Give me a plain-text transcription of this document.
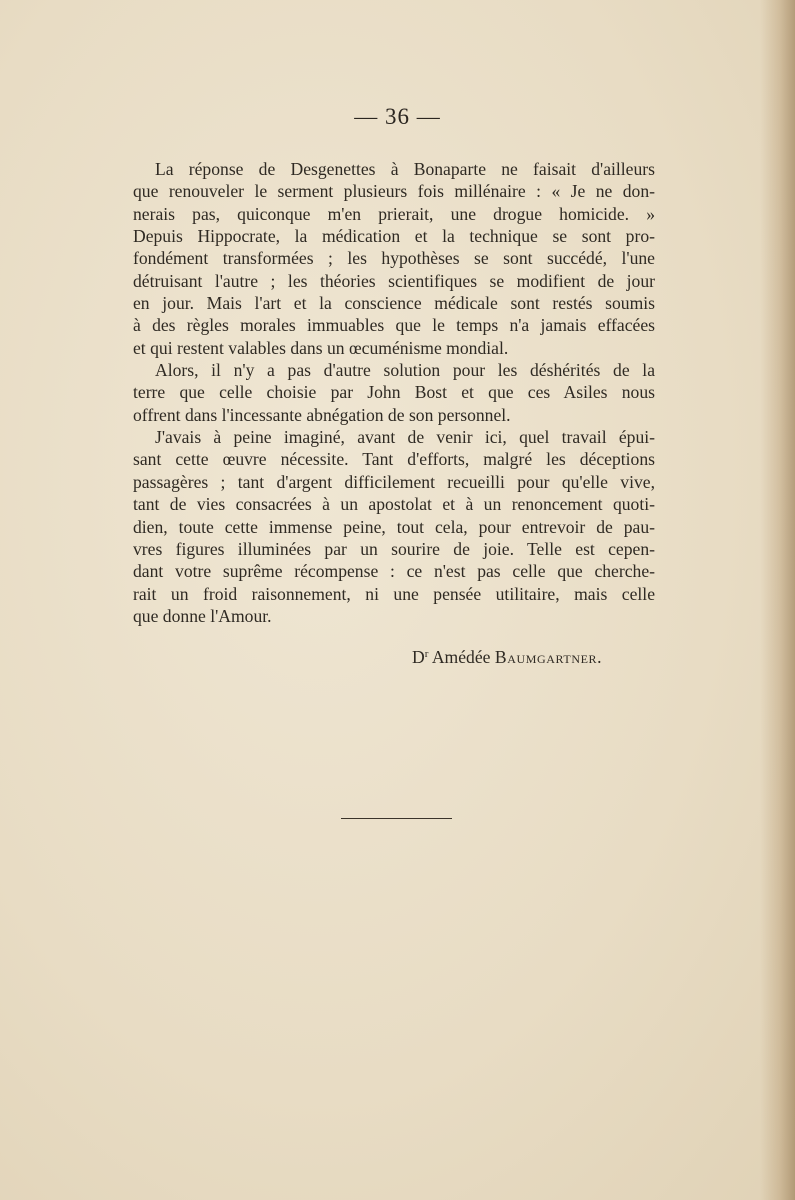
— 36 —

La réponse de Desgenettes à Bonaparte ne faisait d'ailleurs
que renouveler le serment plusieurs fois millénaire : « Je ne don-
nerais pas, quiconque m'en prierait, une drogue homicide. »
Depuis Hippocrate, la médication et la technique se sont pro-
fondément transformées ; les hypothèses se sont succédé, l'une
détruisant l'autre ; les théories scientifiques se modifient de jour
en jour. Mais l'art et la conscience médicale sont restés soumis
à des règles morales immuables que le temps n'a jamais effacées
et qui restent valables dans un œcuménisme mondial.

Alors, il n'y a pas d'autre solution pour les déshérités de la
terre que celle choisie par John Bost et que ces Asiles nous
offrent dans l'incessante abnégation de son personnel.

J'avais à peine imaginé, avant de venir ici, quel travail épui-
sant cette œuvre nécessite. Tant d'efforts, malgré les déceptions
passagères ; tant d'argent difficilement recueilli pour qu'elle vive,
tant de vies consacrées à un apostolat et à un renoncement quoti-
dien, toute cette immense peine, tout cela, pour entrevoir de pau-
vres figures illuminées par un sourire de joie. Telle est cepen-
dant votre suprême récompense : ce n'est pas celle que cherche-
rait un froid raisonnement, ni une pensée utilitaire, mais celle
que donne l'Amour.

$D^r$ Amédée Baumgartner.
